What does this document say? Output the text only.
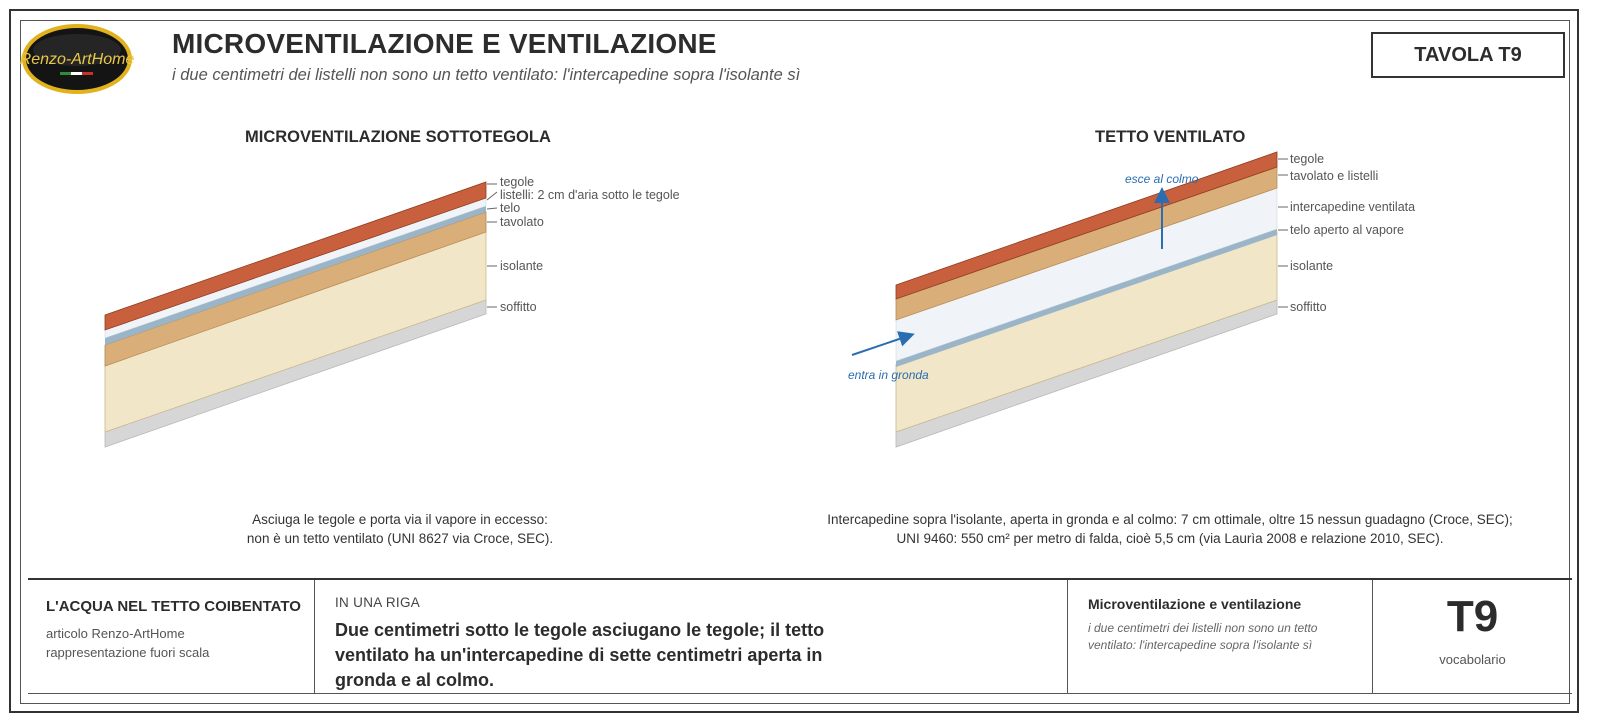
Renzo-ArtHome
MICROVENTILAZIONE E VENTILAZIONE
i due centimetri dei listelli non sono un tetto ventilato: l'intercapedine sopra l'isolante sì
TAVOLA T9
MICROVENTILAZIONE SOTTOTEGOLA	TETTO VENTILATO
tegole
listelli: 2 cm d'aria sotto le tegole
telo
tavolato
isolante
soffitto
tegole
tavolato e listelli
intercapedine ventilata
telo aperto al vapore
isolante
soffitto
esce al colmo
entra in gronda
Asciuga le tegole e porta via il vapore in eccesso:
non è un tetto ventilato (UNI 8627 via Croce, SEC).
Intercapedine sopra l'isolante, aperta in gronda e al colmo: 7 cm ottimale, oltre 15 nessun guadagno (Croce, SEC);
UNI 9460: 550 cm² per metro di falda, cioè 5,5 cm (via Laurìa 2008 e relazione 2010, SEC).
L'ACQUA NEL TETTO COIBENTATO
articolo Renzo-ArtHome
rappresentazione fuori scala
IN UNA RIGA
Due centimetri sotto le tegole asciugano le tegole; il tetto ventilato ha un'intercapedine di sette centimetri aperta in gronda e al colmo.
Microventilazione e ventilazione
i due centimetri dei listelli non sono un tetto ventilato: l'intercapedine sopra l'isolante sì
T9
vocabolario
